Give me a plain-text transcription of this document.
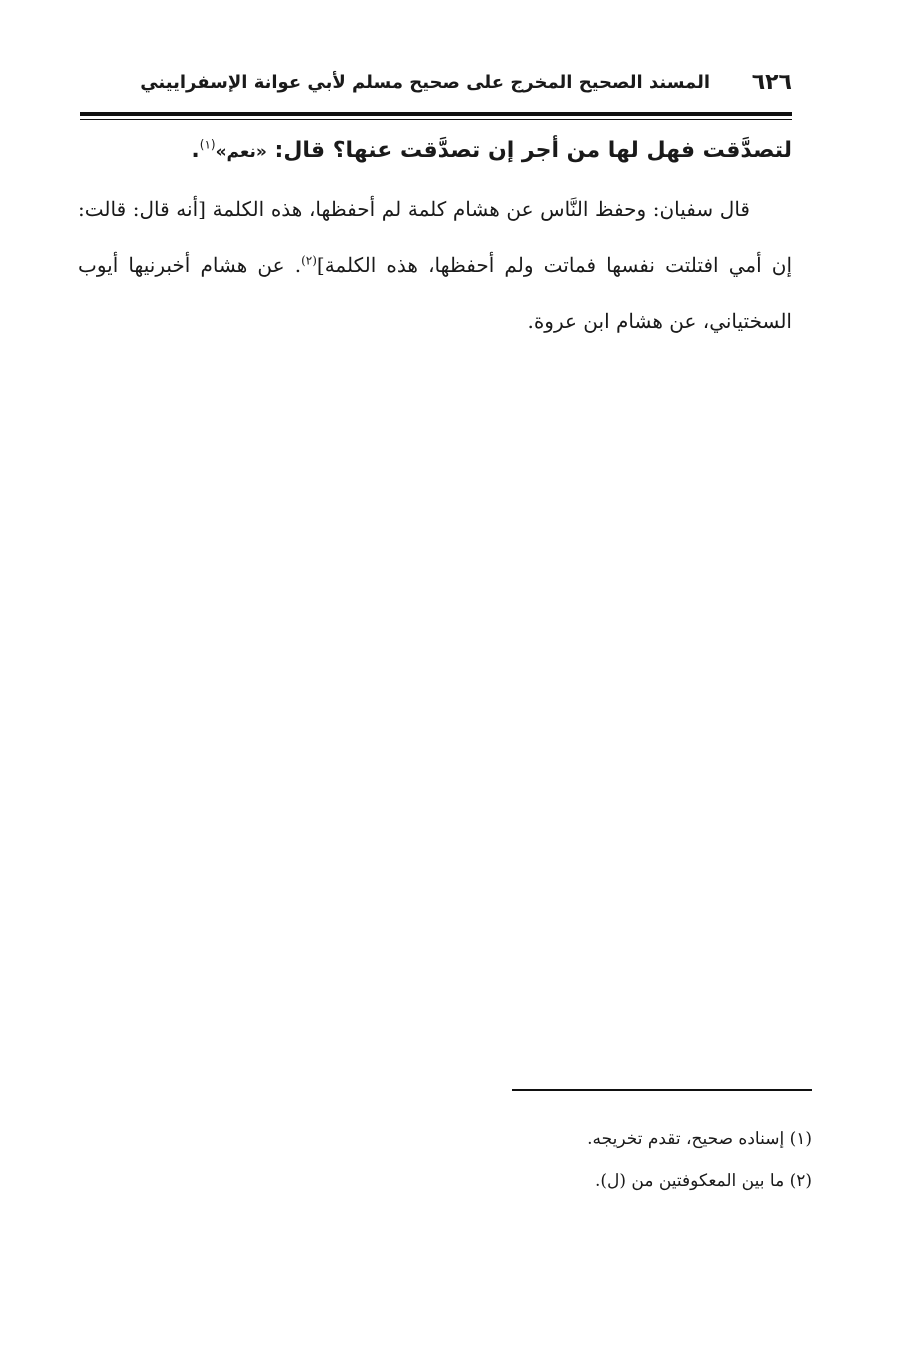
٦٢٦
المسند الصحيح المخرج على صحيح مسلم لأبي عوانة الإسفراييني

لتصدَّقت فهل لها من أجر إن تصدَّقت عنها؟ قال: «نعم»$^{(١)}$.

قال سفيان: وحفظ النَّاس عن هشام كلمة لم أحفظها، هذه الكلمة [أنه قال: قالت: إن أمي افتلتت نفسها فماتت ولم أحفظها، هذه الكلمة]$^{(٢)}$. عن هشام أخبرنيها أيوب السختياني، عن هشام ابن عروة.

(١) إسناده صحيح، تقدم تخريجه.

(٢) ما بين المعكوفتين من (ل).
